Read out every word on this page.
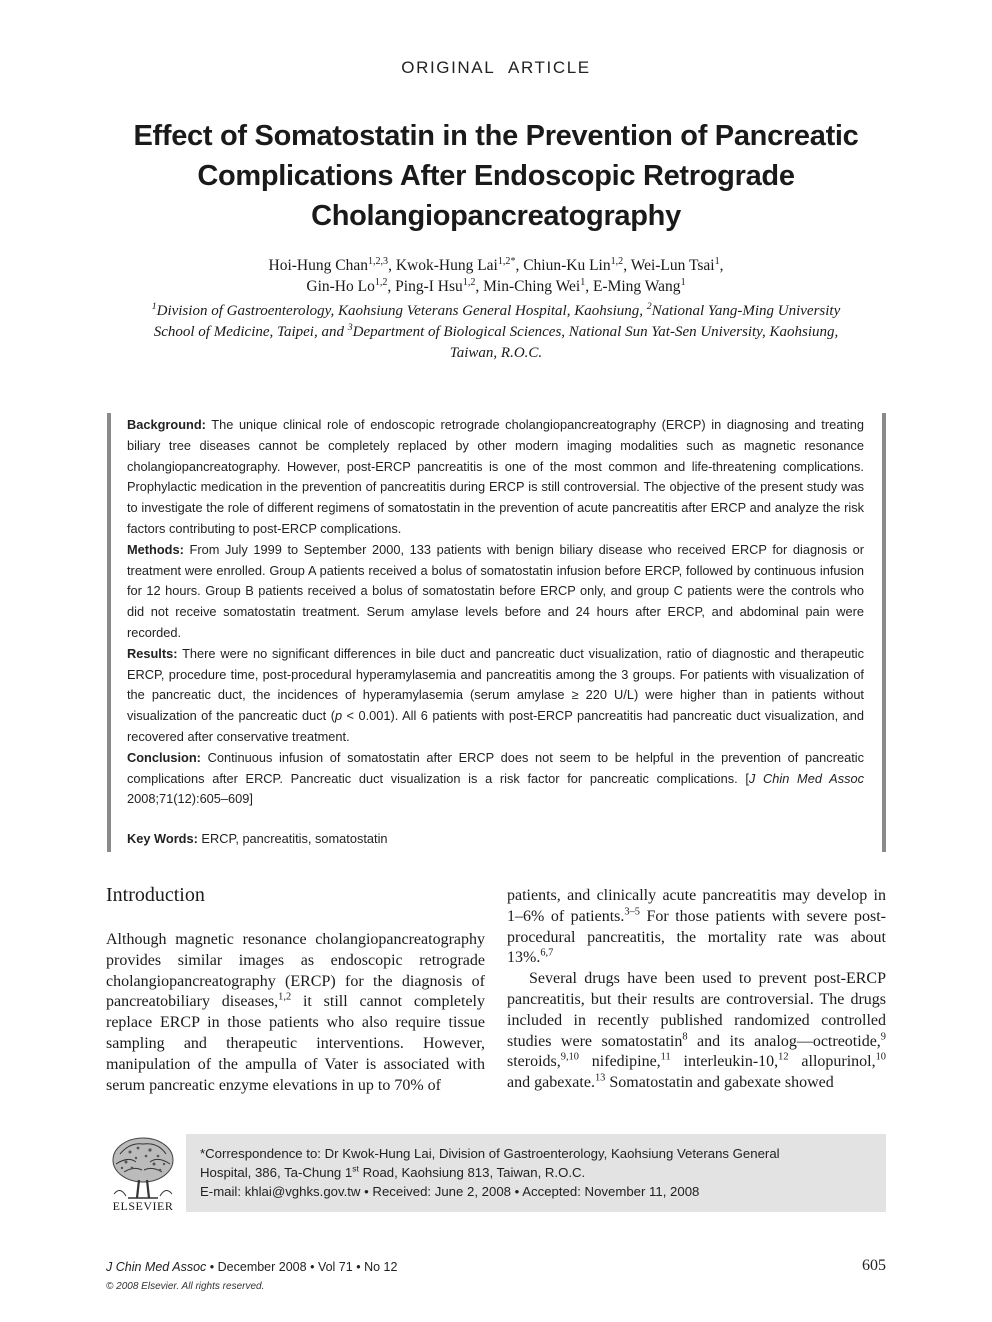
ORIGINAL ARTICLE
Effect of Somatostatin in the Prevention of Pancreatic Complications After Endoscopic Retrograde Cholangiopancreatography
Hoi-Hung Chan$^{1,2,3}$, Kwok-Hung Lai$^{1,2*}$, Chiun-Ku Lin$^{1,2}$, Wei-Lun Tsai$^1$,
Gin-Ho Lo$^{1,2}$, Ping-I Hsu$^{1,2}$, Min-Ching Wei$^1$, E-Ming Wang$^1$
$^1$Division of Gastroenterology, Kaohsiung Veterans General Hospital, Kaohsiung, $^2$National Yang-Ming University School of Medicine, Taipei, and $^3$Department of Biological Sciences, National Sun Yat-Sen University, Kaohsiung, Taiwan, R.O.C.

Background: The unique clinical role of endoscopic retrograde cholangiopancreatography (ERCP) in diagnosing and treating biliary tree diseases cannot be completely replaced by other modern imaging modalities such as magnetic resonance cholangiopancreatography. However, post-ERCP pancreatitis is one of the most common and life-threatening complications. Prophylactic medication in the prevention of pancreatitis during ERCP is still controversial. The objective of the present study was to investigate the role of different regimens of somatostatin in the prevention of acute pancreatitis after ERCP and analyze the risk factors contributing to post-ERCP complications.

Methods: From July 1999 to September 2000, 133 patients with benign biliary disease who received ERCP for diagnosis or treatment were enrolled. Group A patients received a bolus of somatostatin infusion before ERCP, followed by continuous infusion for 12 hours. Group B patients received a bolus of somatostatin before ERCP only, and group C patients were the controls who did not receive somatostatin treatment. Serum amylase levels before and 24 hours after ERCP, and abdominal pain were recorded.

Results: There were no significant differences in bile duct and pancreatic duct visualization, ratio of diagnostic and therapeutic ERCP, procedure time, post-procedural hyperamylasemia and pancreatitis among the 3 groups. For patients with visualization of the pancreatic duct, the incidences of hyperamylasemia (serum amylase ≥ 220 U/L) were higher than in patients without visualization of the pancreatic duct (p < 0.001). All 6 patients with post-ERCP pancreatitis had pancreatic duct visualization, and recovered after conservative treatment.

Conclusion: Continuous infusion of somatostatin after ERCP does not seem to be helpful in the prevention of pancreatic complications after ERCP. Pancreatic duct visualization is a risk factor for pancreatic complications. [J Chin Med Assoc 2008;71(12):605–609]

Key Words: ERCP, pancreatitis, somatostatin

Introduction

Although magnetic resonance cholangiopancreatography provides similar images as endoscopic retrograde cholangiopancreatography (ERCP) for the diagnosis of pancreatobiliary diseases,$^{1,2}$ it still cannot completely replace ERCP in those patients who also require tissue sampling and therapeutic interventions. However, manipulation of the ampulla of Vater is associated with serum pancreatic enzyme elevations in up to 70% of

patients, and clinically acute pancreatitis may develop in 1–6% of patients.$^{3-5}$ For those patients with severe post-procedural pancreatitis, the mortality rate was about 13%.$^{6,7}$

Several drugs have been used to prevent post-ERCP pancreatitis, but their results are controversial. The drugs included in recently published randomized controlled studies were somatostatin$^8$ and its analog—octreotide,$^9$ steroids,$^{9,10}$ nifedipine,$^{11}$ interleukin-10,12 allopurinol,$^{10}$ and gabexate.$^{13}$ Somatostatin and gabexate showed

ELSEVIER
*Correspondence to: Dr Kwok-Hung Lai, Division of Gastroenterology, Kaohsiung Veterans General
Hospital, 386, Ta-Chung 1st Road, Kaohsiung 813, Taiwan, R.O.C.
E-mail: khlai@vghks.gov.tw • Received: June 2, 2008 • Accepted: November 11, 2008
J Chin Med Assoc • December 2008 • Vol 71 • No 12
© 2008 Elsevier. All rights reserved.
605
